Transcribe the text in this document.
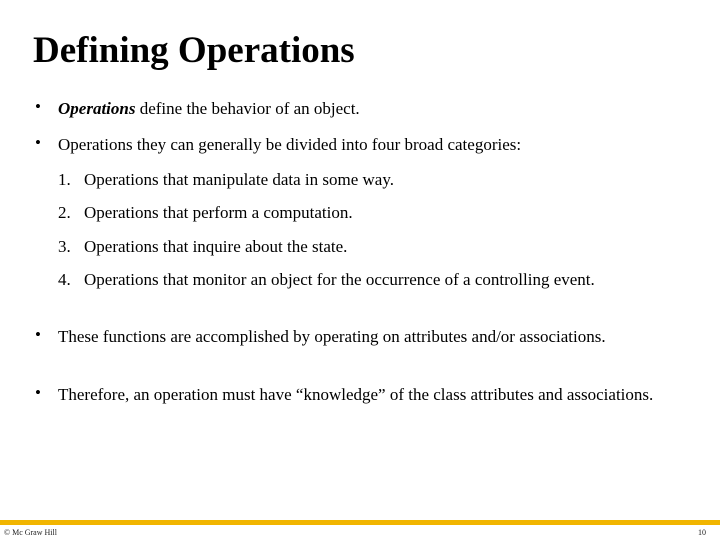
Defining Operations
• Operations define the behavior of an object.
• Operations they can generally be divided into four broad categories:
1. Operations that manipulate data in some way.
2. Operations that perform a computation.
3. Operations that inquire about the state.
4. Operations that monitor an object for the occurrence of a controlling event.
• These functions are accomplished by operating on attributes and/or associations.
• Therefore, an operation must have “knowledge” of the class attributes and associations.
© Mc Graw Hill	10
